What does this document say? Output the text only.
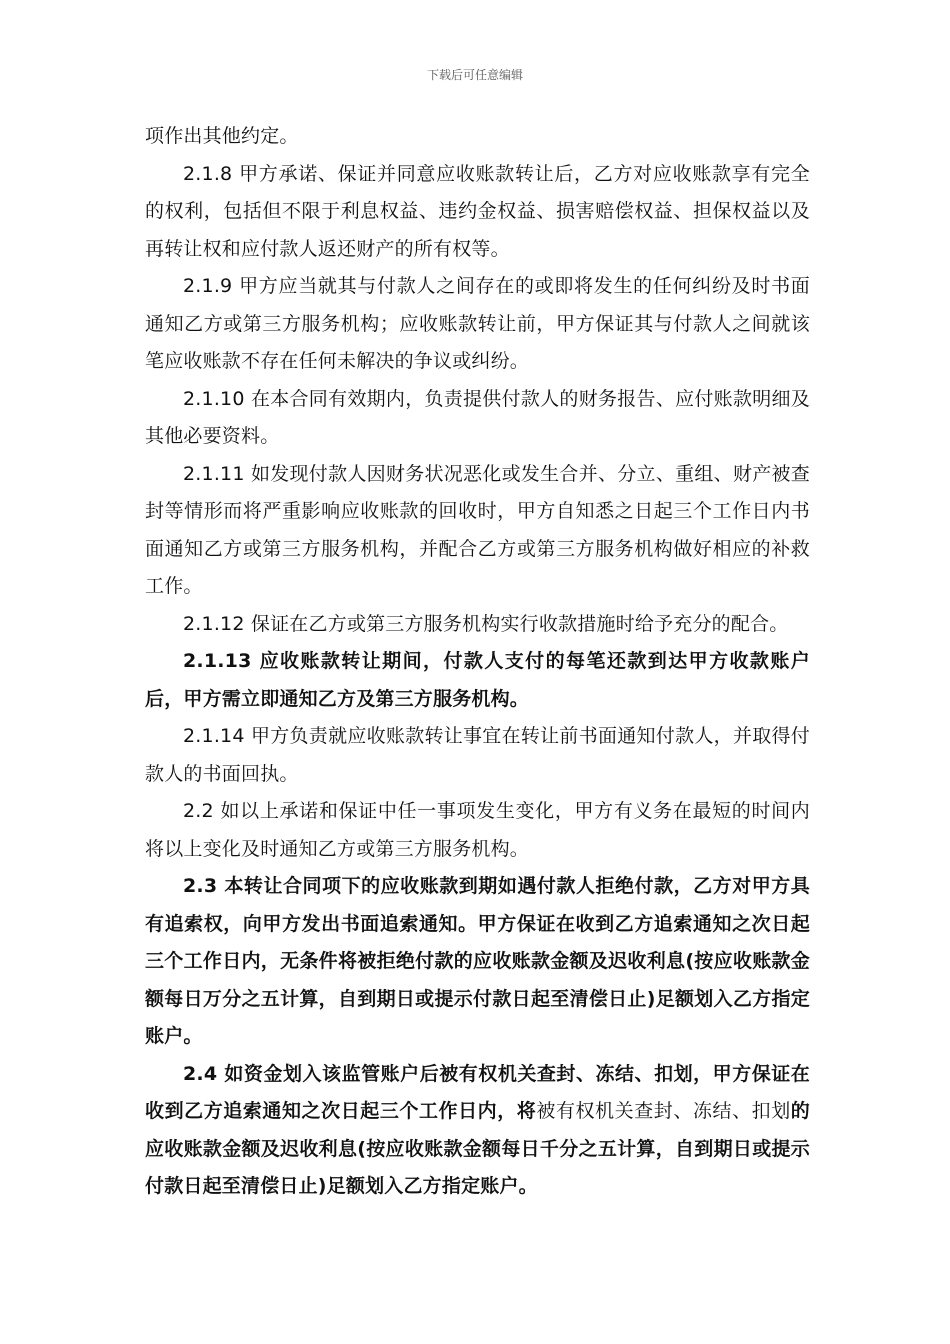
下载后可任意编辑

项作出其他约定。

2.1.8 甲方承诺、保证并同意应收账款转让后，乙方对应收账款享有完全的权利，包括但不限于利息权益、违约金权益、损害赔偿权益、担保权益以及再转让权和应付款人返还财产的所有权等。

2.1.9 甲方应当就其与付款人之间存在的或即将发生的任何纠纷及时书面通知乙方或第三方服务机构；应收账款转让前，甲方保证其与付款人之间就该笔应收账款不存在任何未解决的争议或纠纷。

2.1.10 在本合同有效期内，负责提供付款人的财务报告、应付账款明细及其他必要资料。

2.1.11 如发现付款人因财务状况恶化或发生合并、分立、重组、财产被查封等情形而将严重影响应收账款的回收时，甲方自知悉之日起三个工作日内书面通知乙方或第三方服务机构，并配合乙方或第三方服务机构做好相应的补救工作。

2.1.12 保证在乙方或第三方服务机构实行收款措施时给予充分的配合。

2.1.13 应收账款转让期间，付款人支付的每笔还款到达甲方收款账户后，甲方需立即通知乙方及第三方服务机构。

2.1.14 甲方负责就应收账款转让事宜在转让前书面通知付款人，并取得付款人的书面回执。

2.2 如以上承诺和保证中任一事项发生变化，甲方有义务在最短的时间内将以上变化及时通知乙方或第三方服务机构。

2.3 本转让合同项下的应收账款到期如遇付款人拒绝付款，乙方对甲方具有追索权，向甲方发出书面追索通知。甲方保证在收到乙方追索通知之次日起三个工作日内，无条件将被拒绝付款的应收账款金额及迟收利息(按应收账款金额每日万分之五计算，自到期日或提示付款日起至清偿日止)足额划入乙方指定账户。

2.4 如资金划入该监管账户后被有权机关查封、冻结、扣划，甲方保证在收到乙方追索通知之次日起三个工作日内，将被有权机关查封、冻结、扣划的应收账款金额及迟收利息(按应收账款金额每日千分之五计算，自到期日或提示付款日起至清偿日止)足额划入乙方指定账户。
